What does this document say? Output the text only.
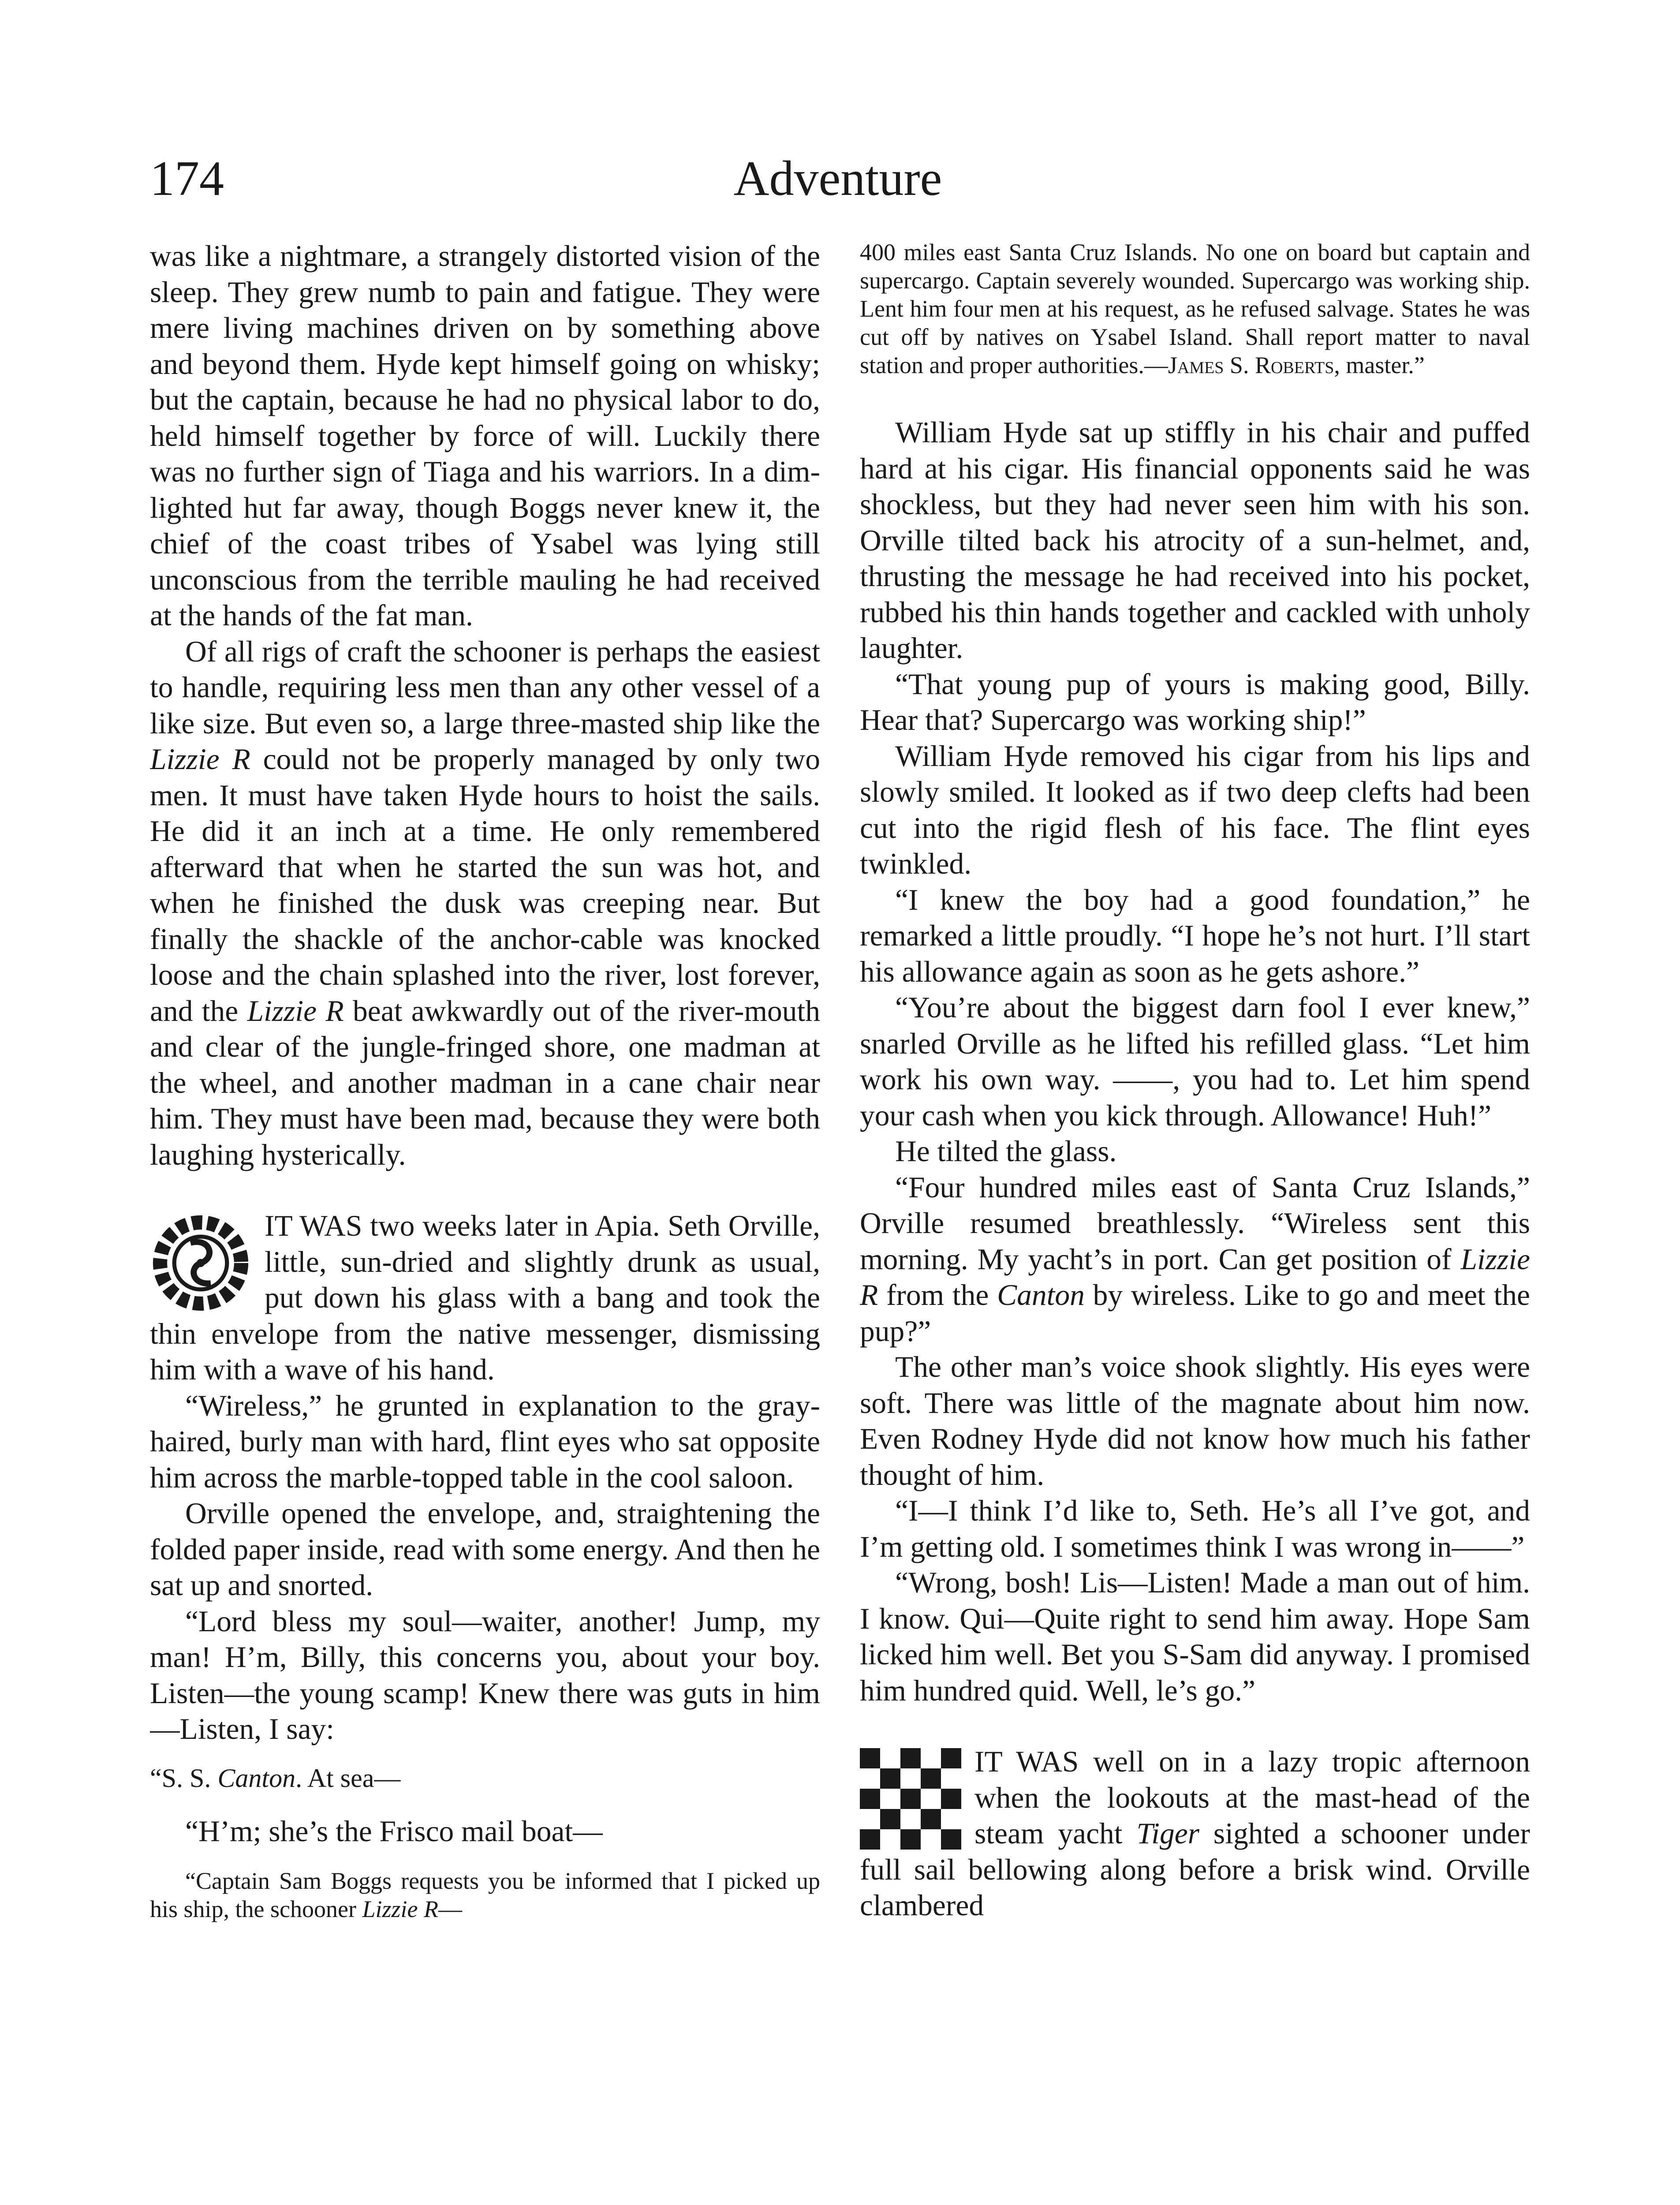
174	Adventure

was like a nightmare, a strangely distorted vision of the sleep. They grew numb to pain and fatigue. They were mere living machines driven on by something above and beyond them. Hyde kept himself going on whisky; but the captain, because he had no physical labor to do, held himself together by force of will. Luckily there was no further sign of Tiaga and his warriors. In a dim-lighted hut far away, though Boggs never knew it, the chief of the coast tribes of Ysabel was lying still unconscious from the terrible mauling he had received at the hands of the fat man.

Of all rigs of craft the schooner is perhaps the easiest to handle, requiring less men than any other vessel of a like size. But even so, a large three-masted ship like the Lizzie R could not be properly managed by only two men. It must have taken Hyde hours to hoist the sails. He did it an inch at a time. He only remembered afterward that when he started the sun was hot, and when he finished the dusk was creeping near. But finally the shackle of the anchor-cable was knocked loose and the chain splashed into the river, lost forever, and the Lizzie R beat awkwardly out of the river-mouth and clear of the jungle-fringed shore, one madman at the wheel, and another madman in a cane chair near him. They must have been mad, because they were both laughing hysterically.

IT WAS two weeks later in Apia. Seth Orville, little, sun-dried and slightly drunk as usual, put down his glass with a bang and took the thin envelope from the native messenger, dismissing him with a wave of his hand.

“Wireless,” he grunted in explanation to the gray-haired, burly man with hard, flint eyes who sat opposite him across the marble-topped table in the cool saloon.

Orville opened the envelope, and, straightening the folded paper inside, read with some energy. And then he sat up and snorted.

“Lord bless my soul—waiter, another! Jump, my man! H’m, Billy, this concerns you, about your boy. Listen—the young scamp! Knew there was guts in him—Listen, I say:

“S. S. Canton. At sea—

“H’m; she’s the Frisco mail boat—

“Captain Sam Boggs requests you be informed that I picked up his ship, the schooner Lizzie R—

400 miles east Santa Cruz Islands. No one on board but captain and supercargo. Captain severely wounded. Supercargo was working ship. Lent him four men at his request, as he refused salvage. States he was cut off by natives on Ysabel Island. Shall report matter to naval station and proper authorities.—James S. Roberts, master.”

William Hyde sat up stiffly in his chair and puffed hard at his cigar. His financial opponents said he was shockless, but they had never seen him with his son. Orville tilted back his atrocity of a sun-helmet, and, thrusting the message he had received into his pocket, rubbed his thin hands together and cackled with unholy laughter.

“That young pup of yours is making good, Billy. Hear that? Supercargo was working ship!”

William Hyde removed his cigar from his lips and slowly smiled. It looked as if two deep clefts had been cut into the rigid flesh of his face. The flint eyes twinkled.

“I knew the boy had a good foundation,” he remarked a little proudly. “I hope he’s not hurt. I’ll start his allowance again as soon as he gets ashore.”

“You’re about the biggest darn fool I ever knew,” snarled Orville as he lifted his refilled glass. “Let him work his own way. ——, you had to. Let him spend your cash when you kick through. Allowance! Huh!”

He tilted the glass.

“Four hundred miles east of Santa Cruz Islands,” Orville resumed breathlessly. “Wireless sent this morning. My yacht’s in port. Can get position of Lizzie R from the Canton by wireless. Like to go and meet the pup?”

The other man’s voice shook slightly. His eyes were soft. There was little of the magnate about him now. Even Rodney Hyde did not know how much his father thought of him.

“I—I think I’d like to, Seth. He’s all I’ve got, and I’m getting old. I sometimes think I was wrong in——”

“Wrong, bosh! Lis—Listen! Made a man out of him. I know. Qui—Quite right to send him away. Hope Sam licked him well. Bet you S-Sam did anyway. I promised him hundred quid. Well, le’s go.”

IT WAS well on in a lazy tropic afternoon when the lookouts at the mast-head of the steam yacht Tiger sighted a schooner under full sail bellowing along before a brisk wind. Orville clambered
